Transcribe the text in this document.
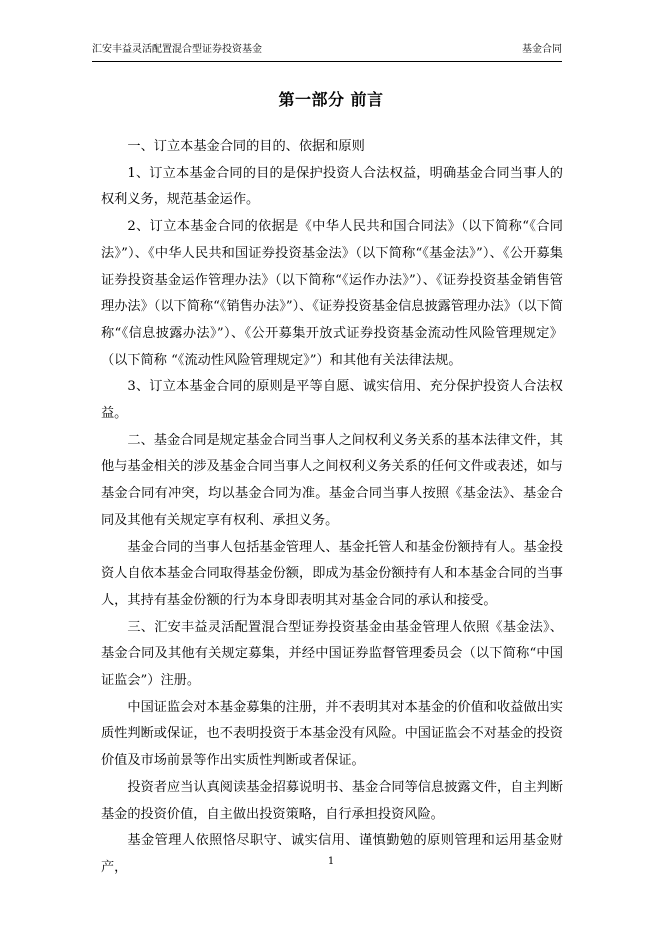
汇安丰益灵活配置混合型证券投资基金	基金合同
第一部分 前言

一、订立本基金合同的目的、依据和原则

1、订立本基金合同的目的是保护投资人合法权益，明确基金合同当事人的权利义务，规范基金运作。

2、订立本基金合同的依据是《中华人民共和国合同法》（以下简称“《合同法》”）、《中华人民共和国证券投资基金法》（以下简称“《基金法》”）、《公开募集证券投资基金运作管理办法》（以下简称“《运作办法》”）、《证券投资基金销售管理办法》（以下简称“《销售办法》”）、《证券投资基金信息披露管理办法》（以下简称“《信息披露办法》”）、《公开募集开放式证券投资基金流动性风险管理规定》（以下简称 “《流动性风险管理规定》”）和其他有关法律法规。

3、订立本基金合同的原则是平等自愿、诚实信用、充分保护投资人合法权益。

二、基金合同是规定基金合同当事人之间权利义务关系的基本法律文件，其他与基金相关的涉及基金合同当事人之间权利义务关系的任何文件或表述，如与基金合同有冲突，均以基金合同为准。基金合同当事人按照《基金法》、基金合同及其他有关规定享有权利、承担义务。

基金合同的当事人包括基金管理人、基金托管人和基金份额持有人。基金投资人自依本基金合同取得基金份额，即成为基金份额持有人和本基金合同的当事人，其持有基金份额的行为本身即表明其对基金合同的承认和接受。

三、汇安丰益灵活配置混合型证券投资基金由基金管理人依照《基金法》、基金合同及其他有关规定募集，并经中国证券监督管理委员会（以下简称“中国证监会”）注册。

中国证监会对本基金募集的注册，并不表明其对本基金的价值和收益做出实质性判断或保证，也不表明投资于本基金没有风险。中国证监会不对基金的投资价值及市场前景等作出实质性判断或者保证。

投资者应当认真阅读基金招募说明书、基金合同等信息披露文件，自主判断基金的投资价值，自主做出投资策略，自行承担投资风险。

基金管理人依照恪尽职守、诚实信用、谨慎勤勉的原则管理和运用基金财产，	1
